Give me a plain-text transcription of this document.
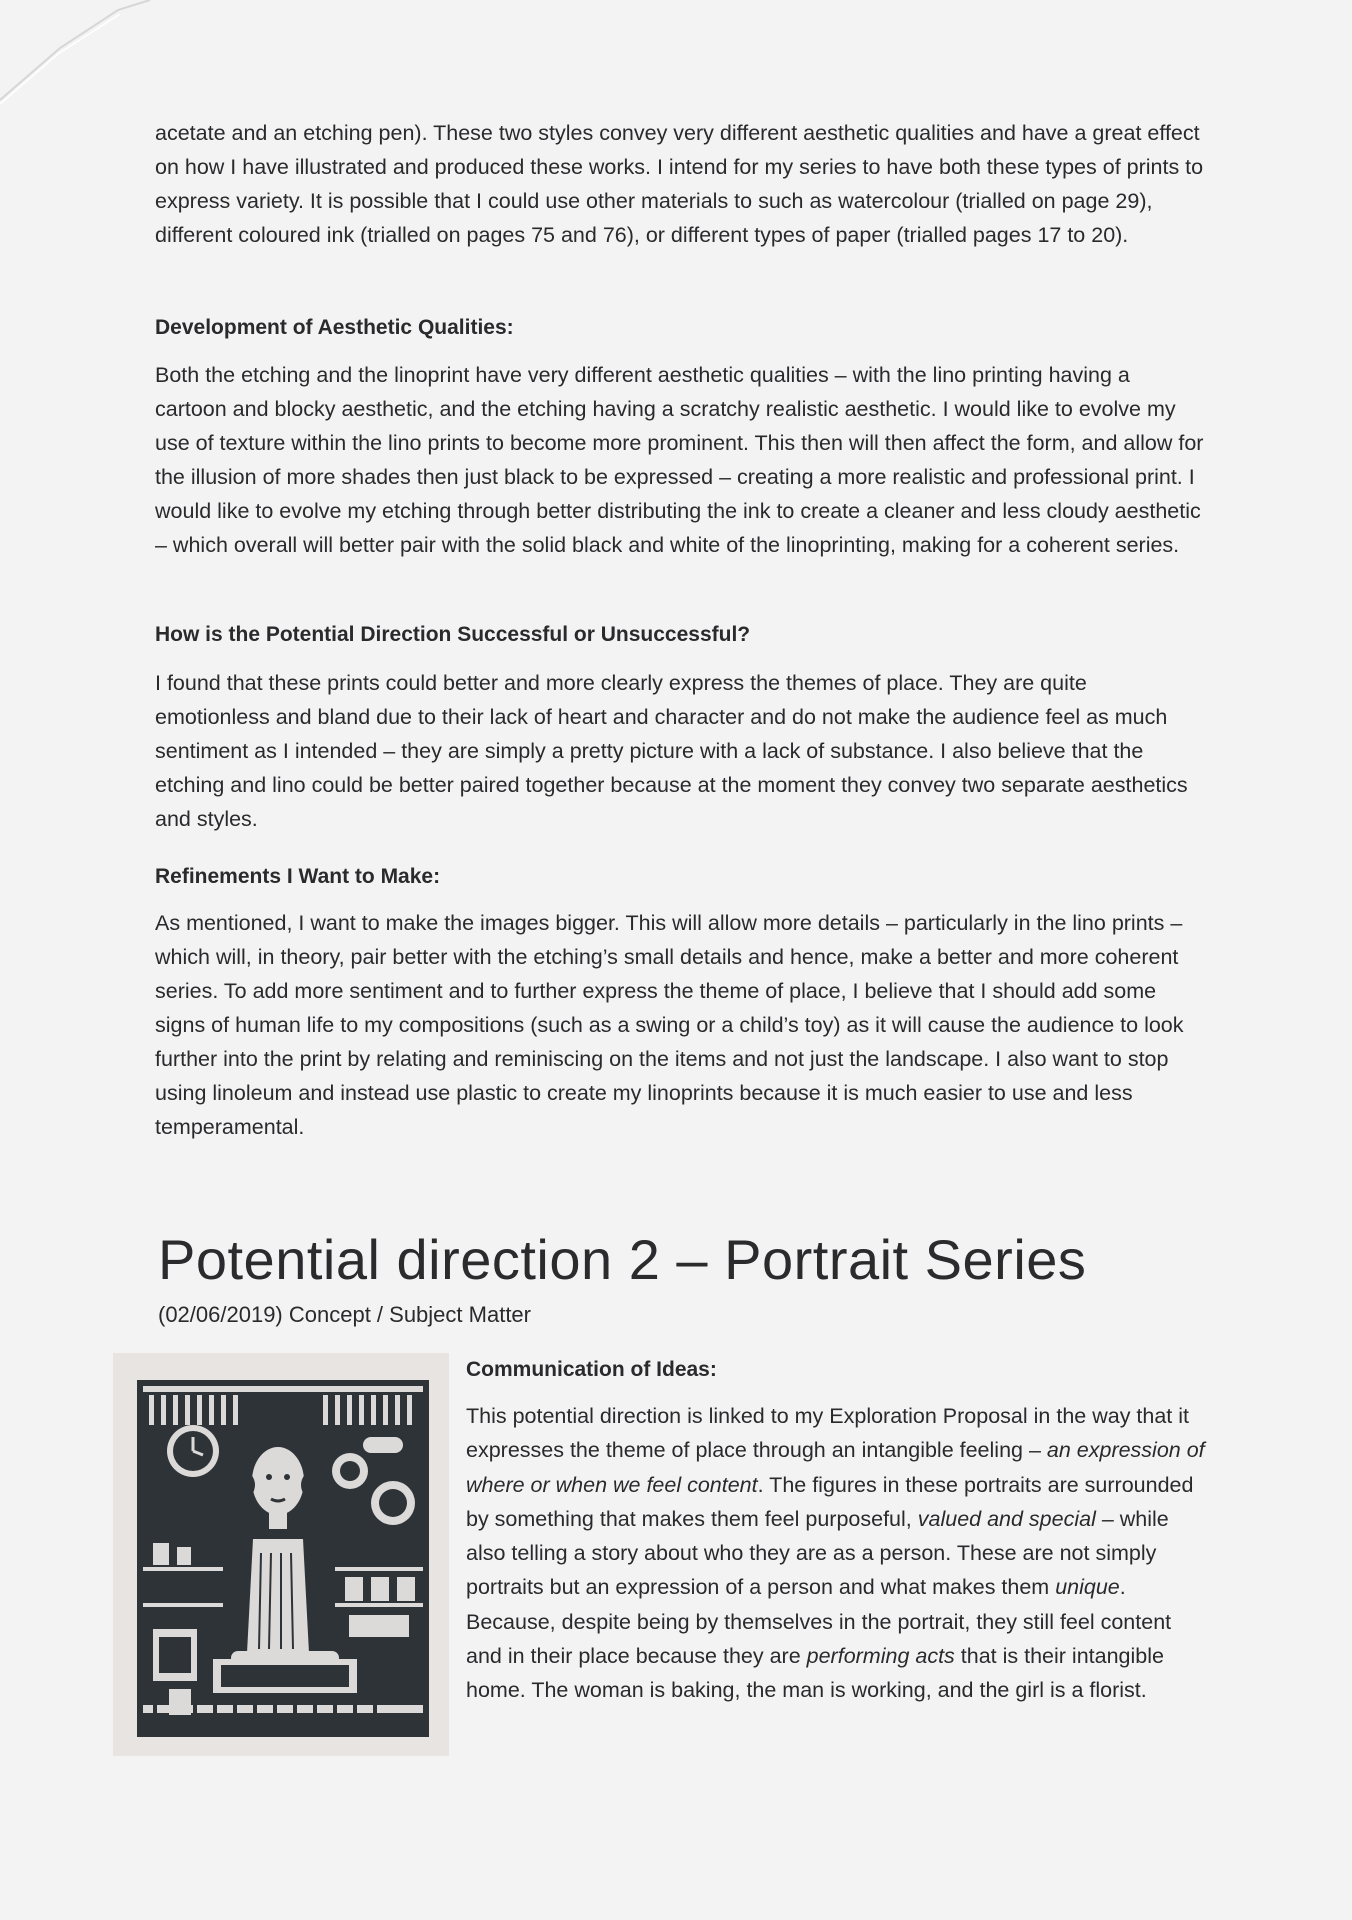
acetate and an etching pen). These two styles convey very different aesthetic qualities and have a great effect on how I have illustrated and produced these works. I intend for my series to have both these types of prints to express variety. It is possible that I could use other materials to such as watercolour (trialled on page 29), different coloured ink (trialled on pages 75 and 76), or different types of paper (trialled pages 17 to 20).

Development of Aesthetic Qualities:

Both the etching and the linoprint have very different aesthetic qualities – with the lino printing having a cartoon and blocky aesthetic, and the etching having a scratchy realistic aesthetic. I would like to evolve my use of texture within the lino prints to become more prominent. This then will then affect the form, and allow for the illusion of more shades then just black to be expressed – creating a more realistic and professional print. I would like to evolve my etching through better distributing the ink to create a cleaner and less cloudy aesthetic – which overall will better pair with the solid black and white of the linoprinting, making for a coherent series.

How is the Potential Direction Successful or Unsuccessful?

I found that these prints could better and more clearly express the themes of place. They are quite emotionless and bland due to their lack of heart and character and do not make the audience feel as much sentiment as I intended – they are simply a pretty picture with a lack of substance. I also believe that the etching and lino could be better paired together because at the moment they convey two separate aesthetics and styles.

Refinements I Want to Make:

As mentioned, I want to make the images bigger. This will allow more details – particularly in the lino prints – which will, in theory, pair better with the etching’s small details and hence, make a better and more coherent series. To add more sentiment and to further express the theme of place, I believe that I should add some signs of human life to my compositions (such as a swing or a child’s toy) as it will cause the audience to look further into the print by relating and reminiscing on the items and not just the landscape. I also want to stop using linoleum and instead use plastic to create my linoprints because it is much easier to use and less temperamental.

Potential direction 2 – Portrait Series

(02/06/2019) Concept / Subject Matter

Communication of Ideas:

This potential direction is linked to my Exploration Proposal in the way that it expresses the theme of place through an intangible feeling – an expression of where or when we feel content. The figures in these portraits are surrounded by something that makes them feel purposeful, valued and special – while also telling a story about who they are as a person. These are not simply portraits but an expression of a person and what makes them unique. Because, despite being by themselves in the portrait, they still feel content and in their place because they are performing acts that is their intangible home. The woman is baking, the man is working, and the girl is a florist.
